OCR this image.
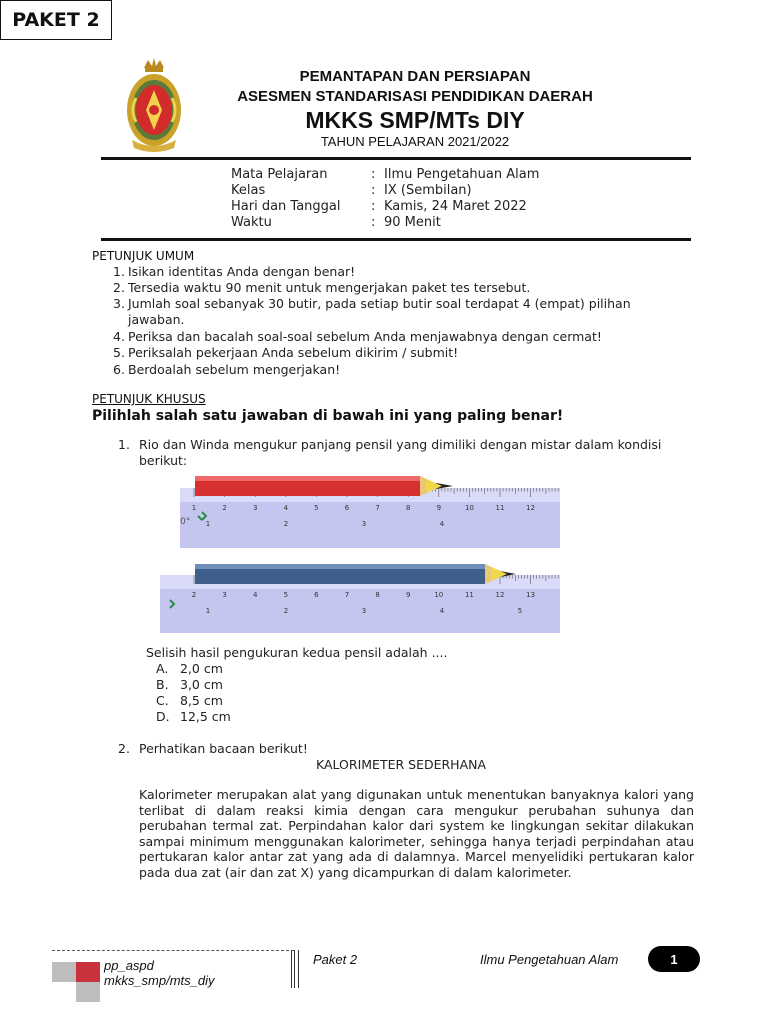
PEMANTAPAN DAN PERSIAPAN
ASESMEN STANDARISASI PENDIDIKAN DAERAH
MKKS SMP/MTs DIY
TAHUN PELAJARAN 2021/2022
Mata Pelajaran	: Ilmu Pengetahuan Alam
Kelas	: IX (Sembilan)
Hari dan Tanggal : Kamis, 24 Maret 2022
Waktu	: 90 Menit
PAKET 2
PETUNJUK UMUM
1. Isikan identitas Anda dengan benar!
2. Tersedia waktu 90 menit untuk mengerjakan paket tes tersebut.
3. Jumlah soal sebanyak 30 butir, pada setiap butir soal terdapat 4 (empat) pilihan
jawaban.
4. Periksa dan bacalah soal-soal sebelum Anda menjawabnya dengan cermat!
5. Periksalah pekerjaan Anda sebelum dikirim / submit!
6. Berdoalah sebelum mengerjakan!
PETUNJUK KHUSUS
Pilihlah salah satu jawaban di bawah ini yang paling benar!
1. Rio dan Winda mengukur panjang pensil yang dimiliki dengan mistar dalam kondisi
berikut:
1	2	3	4	5	6	7	8	9	10	11	12
1	2	3	4
0°
2	3	4	5	6	7	8	9	10	11	12	13
1	2	3	4	5
Selisih hasil pengukuran kedua pensil adalah ....
A. 2,0 cm
B. 3,0 cm
C. 8,5 cm
D. 12,5 cm
2. Perhatikan bacaan berikut!
KALORIMETER SEDERHANA
Kalorimeter merupakan alat yang digunakan untuk menentukan banyaknya kalori yang
terlibat di dalam reaksi kimia dengan cara mengukur perubahan suhunya dan
perubahan termal zat. Perpindahan kalor dari system ke lingkungan sekitar dilakukan
sampai minimum menggunakan kalorimeter, sehingga hanya terjadi perpindahan atau
pertukaran kalor antar zat yang ada di dalamnya. Marcel menyelidiki pertukaran kalor
pada dua zat (air dan zat X) yang dicampurkan di dalam kalorimeter.
pp_aspd
mkks_smp/mts_diy
Paket 2	Ilmu Pengetahuan Alam	1
